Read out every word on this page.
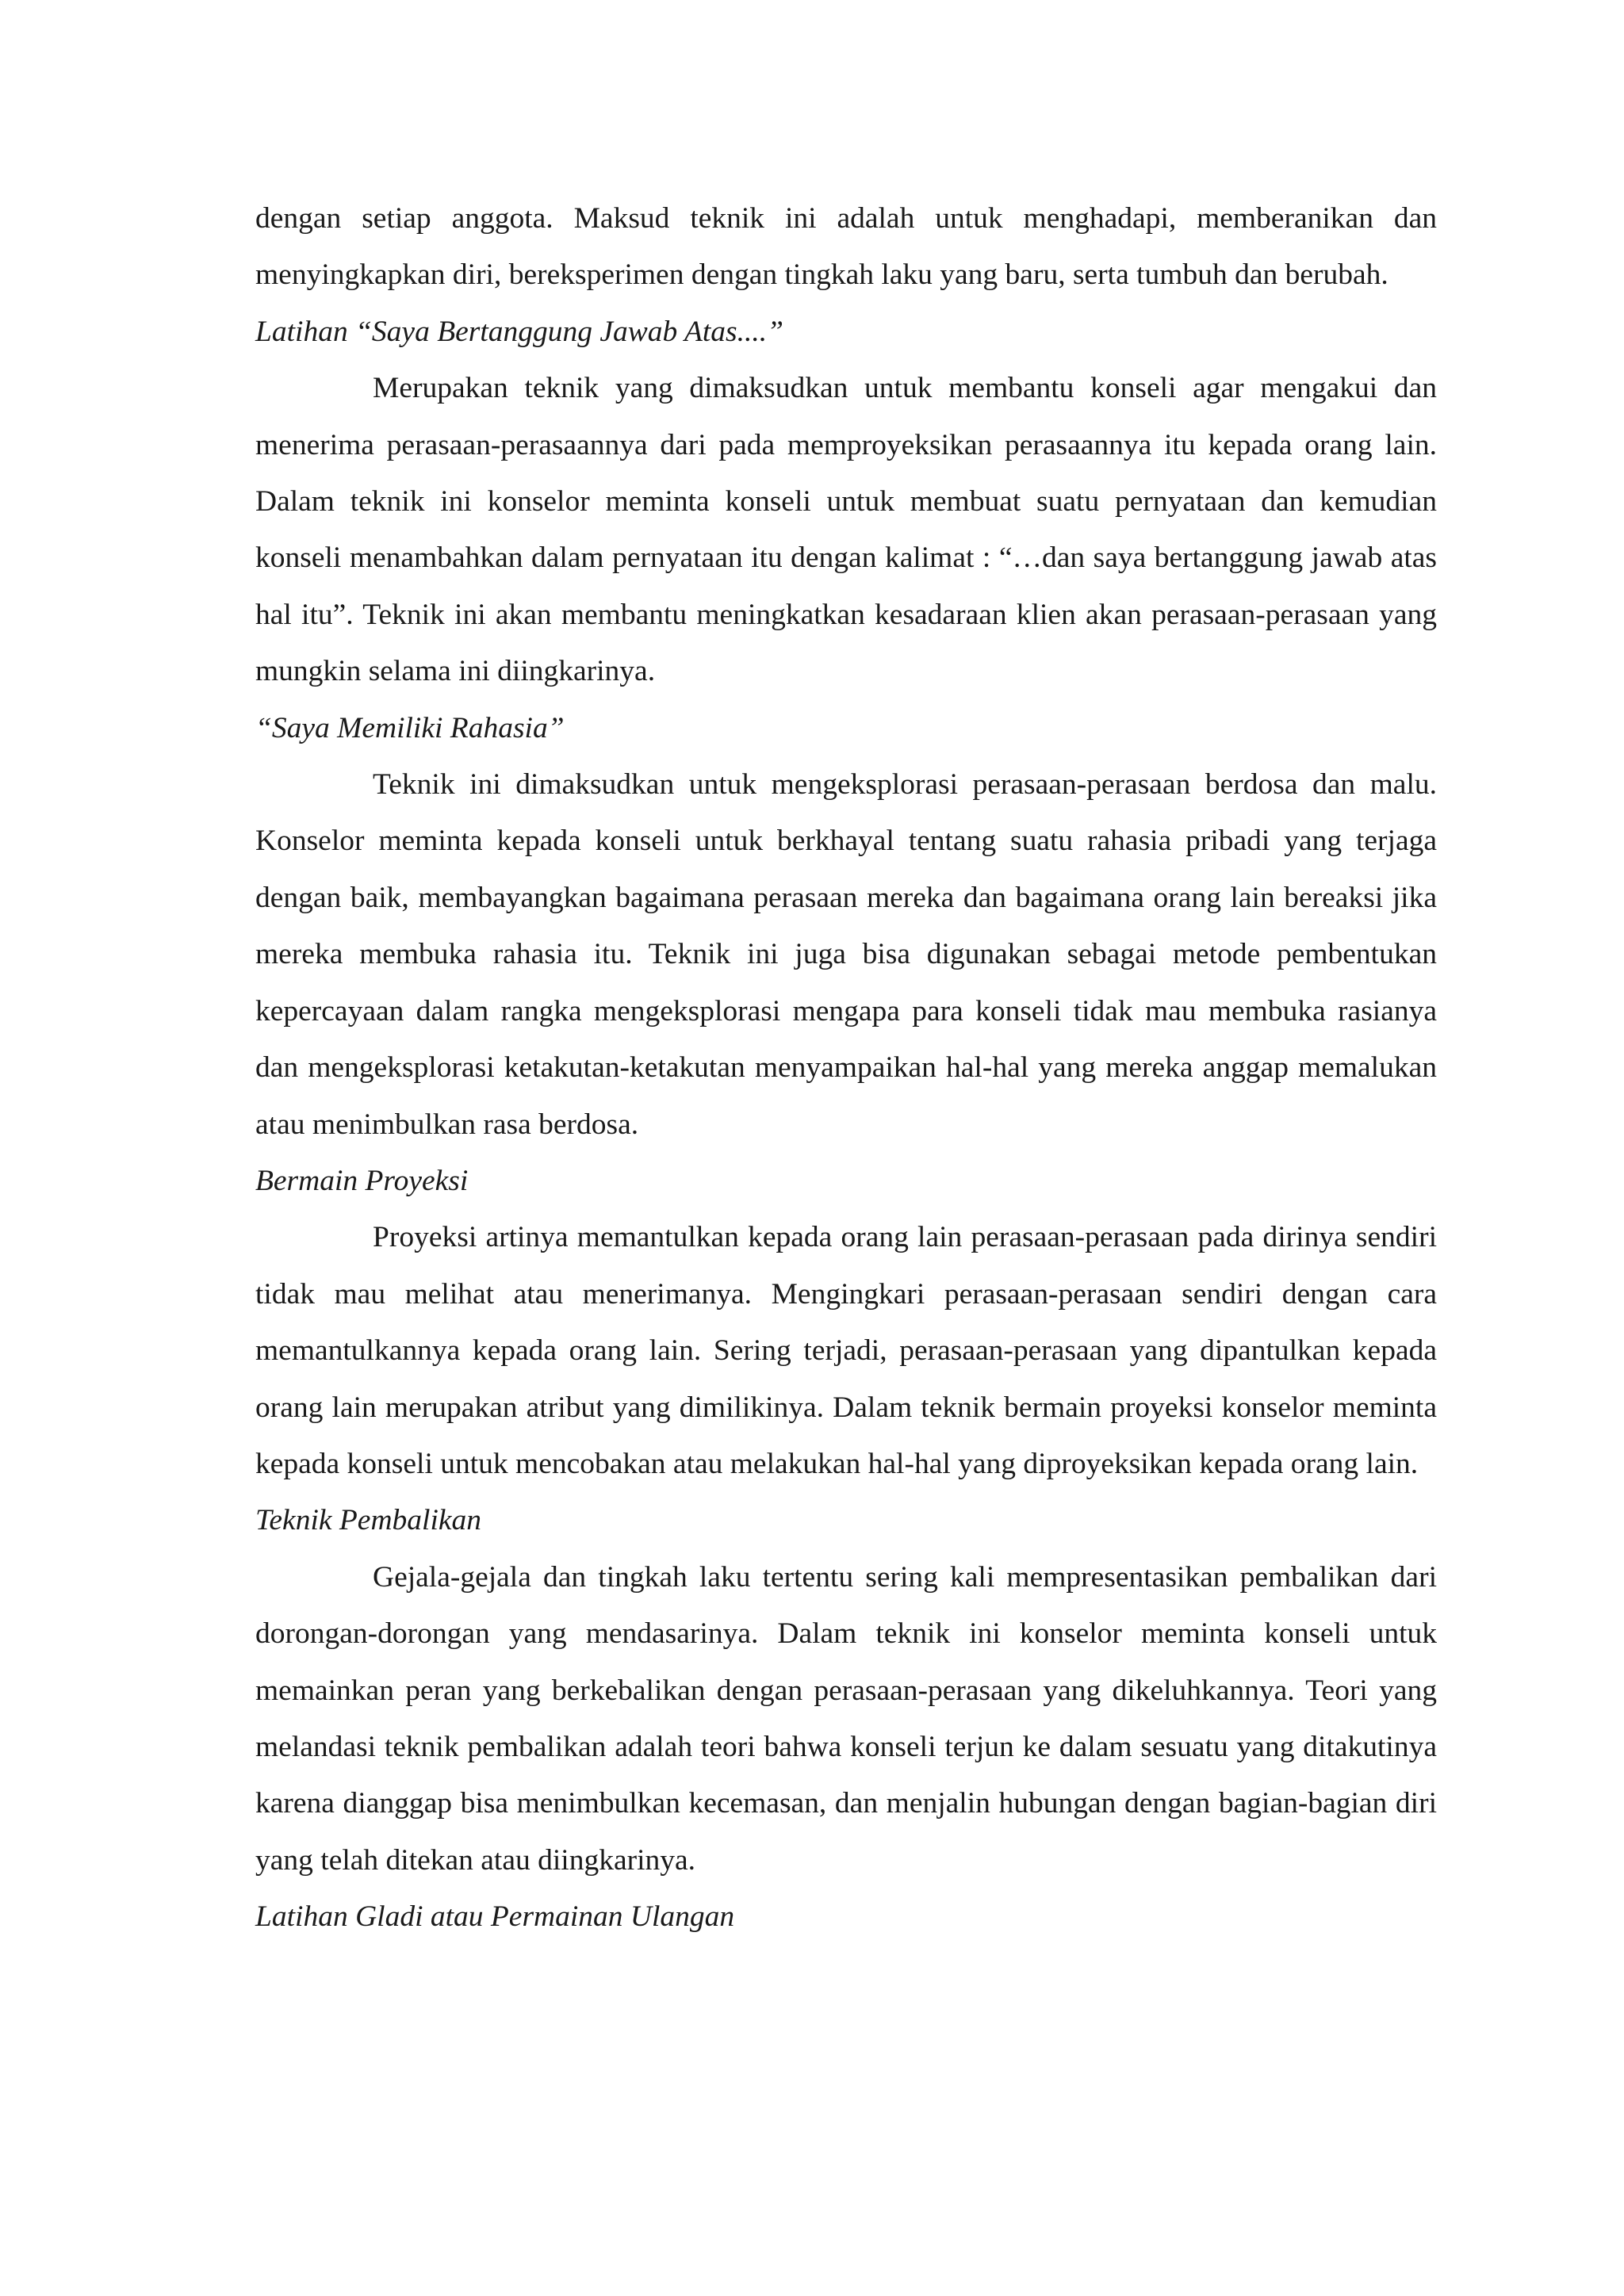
dengan setiap anggota. Maksud teknik ini adalah untuk menghadapi, memberanikan dan menyingkapkan diri, bereksperimen dengan tingkah laku yang baru, serta tumbuh dan berubah.

Latihan “Saya Bertanggung Jawab Atas....”

Merupakan teknik yang dimaksudkan untuk membantu konseli agar mengakui dan menerima perasaan-perasaannya dari pada memproyeksikan perasaannya itu kepada orang lain. Dalam teknik ini konselor meminta konseli untuk membuat suatu pernyataan dan kemudian konseli menambahkan dalam pernyataan itu dengan kalimat : “…dan saya bertanggung jawab atas hal itu”. Teknik ini akan membantu meningkatkan kesadaraan klien akan perasaan-perasaan yang mungkin selama ini diingkarinya.

“Saya Memiliki Rahasia”

Teknik ini dimaksudkan untuk mengeksplorasi perasaan-perasaan berdosa dan malu. Konselor meminta kepada konseli untuk berkhayal tentang suatu rahasia pribadi yang terjaga dengan baik, membayangkan bagaimana perasaan mereka dan bagaimana orang lain bereaksi jika mereka membuka rahasia itu. Teknik ini juga bisa digunakan sebagai metode pembentukan kepercayaan dalam rangka mengeksplorasi mengapa para konseli tidak mau membuka rasianya dan mengeksplorasi ketakutan-ketakutan menyampaikan hal-hal yang mereka anggap memalukan atau menimbulkan rasa berdosa.

Bermain Proyeksi

Proyeksi artinya memantulkan kepada orang lain perasaan-perasaan pada dirinya sendiri tidak mau melihat atau menerimanya. Mengingkari perasaan-perasaan sendiri dengan cara memantulkannya kepada orang lain. Sering terjadi, perasaan-perasaan yang dipantulkan kepada orang lain merupakan atribut yang dimilikinya. Dalam teknik bermain proyeksi konselor meminta kepada konseli untuk mencobakan atau melakukan hal-hal yang diproyeksikan kepada orang lain.

Teknik Pembalikan

Gejala-gejala dan tingkah laku tertentu sering kali mempresentasikan pembalikan dari dorongan-dorongan yang mendasarinya. Dalam teknik ini konselor meminta konseli untuk memainkan peran yang berkebalikan dengan perasaan-perasaan yang dikeluhkannya. Teori yang melandasi teknik pembalikan adalah teori bahwa konseli terjun ke dalam sesuatu yang ditakutinya karena dianggap bisa menimbulkan kecemasan, dan menjalin hubungan dengan bagian-bagian diri yang telah ditekan atau diingkarinya.

Latihan Gladi atau Permainan Ulangan
